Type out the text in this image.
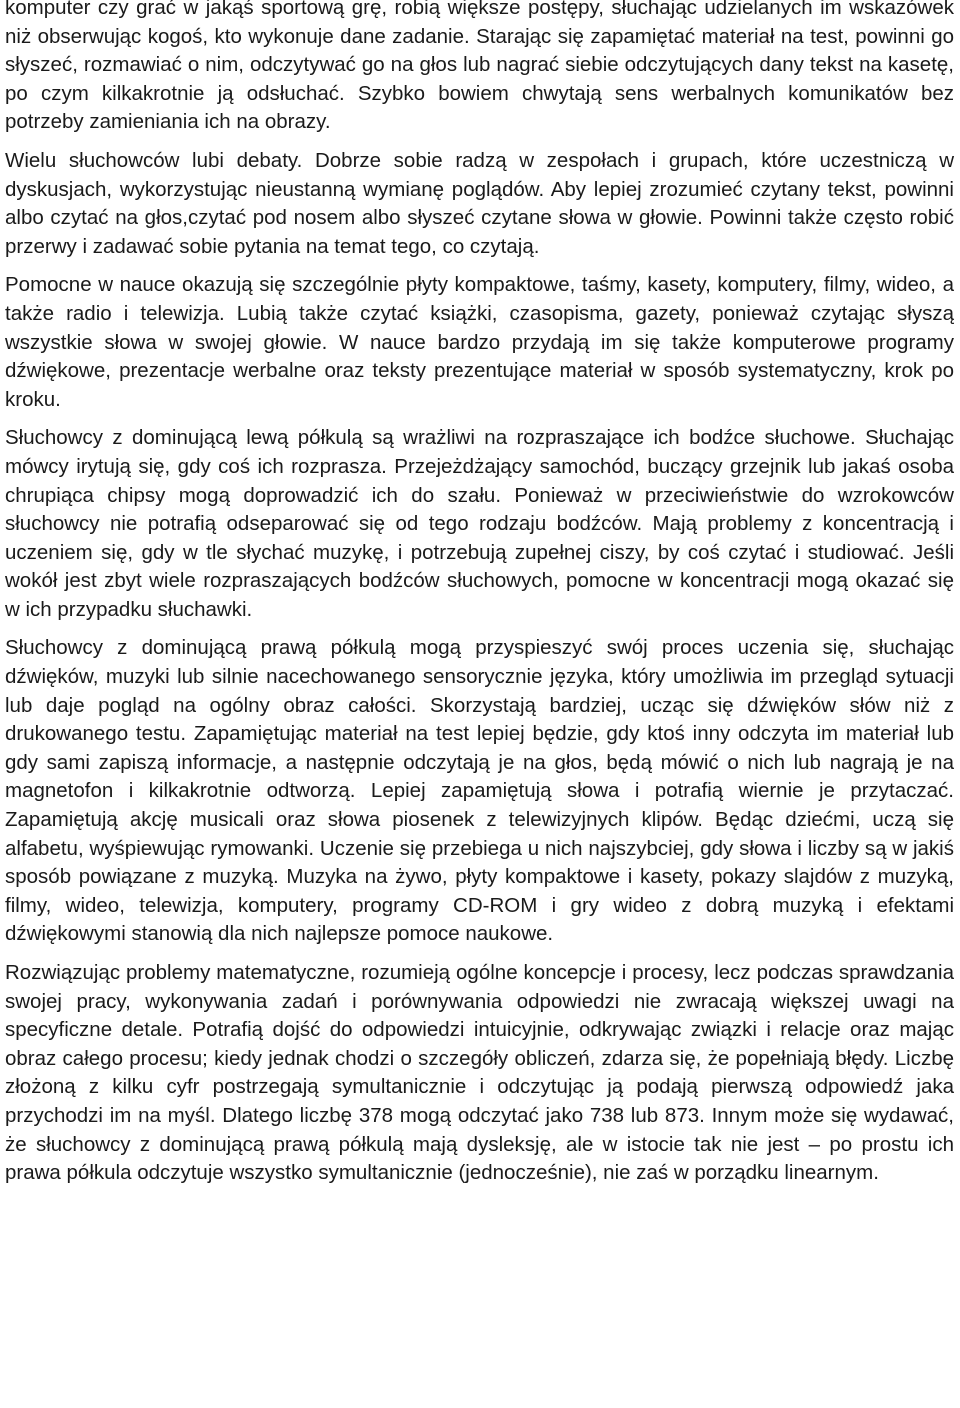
komputer czy grać w jakąś sportową grę, robią większe postępy, słuchając udzielanych im wskazówek niż obserwując kogoś, kto wykonuje dane zadanie. Starając się zapamiętać materiał na test, powinni go słyszeć, rozmawiać o nim, odczytywać go na głos lub nagrać siebie odczytujących dany tekst na kasetę, po czym kilkakrotnie ją odsłuchać. Szybko bowiem chwytają sens werbalnych komunikatów bez potrzeby zamieniania ich na obrazy.

Wielu słuchowców lubi debaty. Dobrze sobie radzą w zespołach i grupach, które uczestniczą w dyskusjach, wykorzystując nieustanną wymianę poglądów. Aby lepiej zrozumieć czytany tekst, powinni albo czytać na głos,czytać pod nosem albo słyszeć czytane słowa w głowie. Powinni także często robić przerwy i zadawać sobie pytania na temat tego, co czytają.

Pomocne w nauce okazują się szczególnie płyty kompaktowe, taśmy, kasety, komputery, filmy, wideo, a także radio i telewizja. Lubią także czytać książki, czasopisma, gazety, ponieważ czytając słyszą wszystkie słowa w swojej głowie. W nauce bardzo przydają im się także komputerowe programy dźwiękowe, prezentacje werbalne oraz teksty prezentujące materiał w sposób systematyczny, krok po kroku.

Słuchowcy z dominującą lewą półkulą są wrażliwi na rozpraszające ich bodźce słuchowe. Słuchając mówcy irytują się, gdy coś ich rozprasza. Przejeżdżający samochód, buczący grzejnik lub jakaś osoba chrupiąca chipsy mogą doprowadzić ich do szału. Ponieważ w przeciwieństwie do wzrokowców słuchowcy nie potrafią odseparować się od tego rodzaju bodźców. Mają problemy z koncentracją i uczeniem się, gdy w tle słychać muzykę, i potrzebują zupełnej ciszy, by coś czytać i studiować. Jeśli wokół jest zbyt wiele rozpraszających bodźców słuchowych, pomocne w koncentracji mogą okazać się w ich przypadku słuchawki.

Słuchowcy z dominującą prawą półkulą mogą przyspieszyć swój proces uczenia się, słuchając dźwięków, muzyki lub silnie nacechowanego sensorycznie języka, który umożliwia im przegląd sytuacji lub daje pogląd na ogólny obraz całości. Skorzystają bardziej, ucząc się dźwięków słów niż z drukowanego testu. Zapamiętując materiał na test lepiej będzie, gdy ktoś inny odczyta im materiał lub gdy sami zapiszą informacje, a następnie odczytają je na głos, będą mówić o nich lub nagrają je na magnetofon i kilkakrotnie odtworzą. Lepiej zapamiętują słowa i potrafią wiernie je przytaczać. Zapamiętują akcję musicali oraz słowa piosenek z telewizyjnych klipów. Będąc dziećmi, uczą się alfabetu, wyśpiewując rymowanki. Uczenie się przebiega u nich najszybciej, gdy słowa i liczby są w jakiś sposób powiązane z muzyką. Muzyka na żywo, płyty kompaktowe i kasety, pokazy slajdów z muzyką, filmy, wideo, telewizja, komputery, programy CD-ROM i gry wideo z dobrą muzyką i efektami dźwiękowymi stanowią dla nich najlepsze pomoce naukowe.

Rozwiązując problemy matematyczne, rozumieją ogólne koncepcje i procesy, lecz podczas sprawdzania swojej pracy, wykonywania zadań i porównywania odpowiedzi nie zwracają większej uwagi na specyficzne detale. Potrafią dojść do odpowiedzi intuicyjnie, odkrywając związki i relacje oraz mając obraz całego procesu; kiedy jednak chodzi o szczegóły obliczeń, zdarza się, że popełniają błędy. Liczbę złożoną z kilku cyfr postrzegają symultanicznie i odczytując ją podają pierwszą odpowiedź jaka przychodzi im na myśl. Dlatego liczbę 378 mogą odczytać jako 738 lub 873. Innym może się wydawać, że słuchowcy z dominującą prawą półkulą mają dysleksję, ale w istocie tak nie jest – po prostu ich prawa półkula odczytuje wszystko symultanicznie (jednocześnie), nie zaś w porządku linearnym.
